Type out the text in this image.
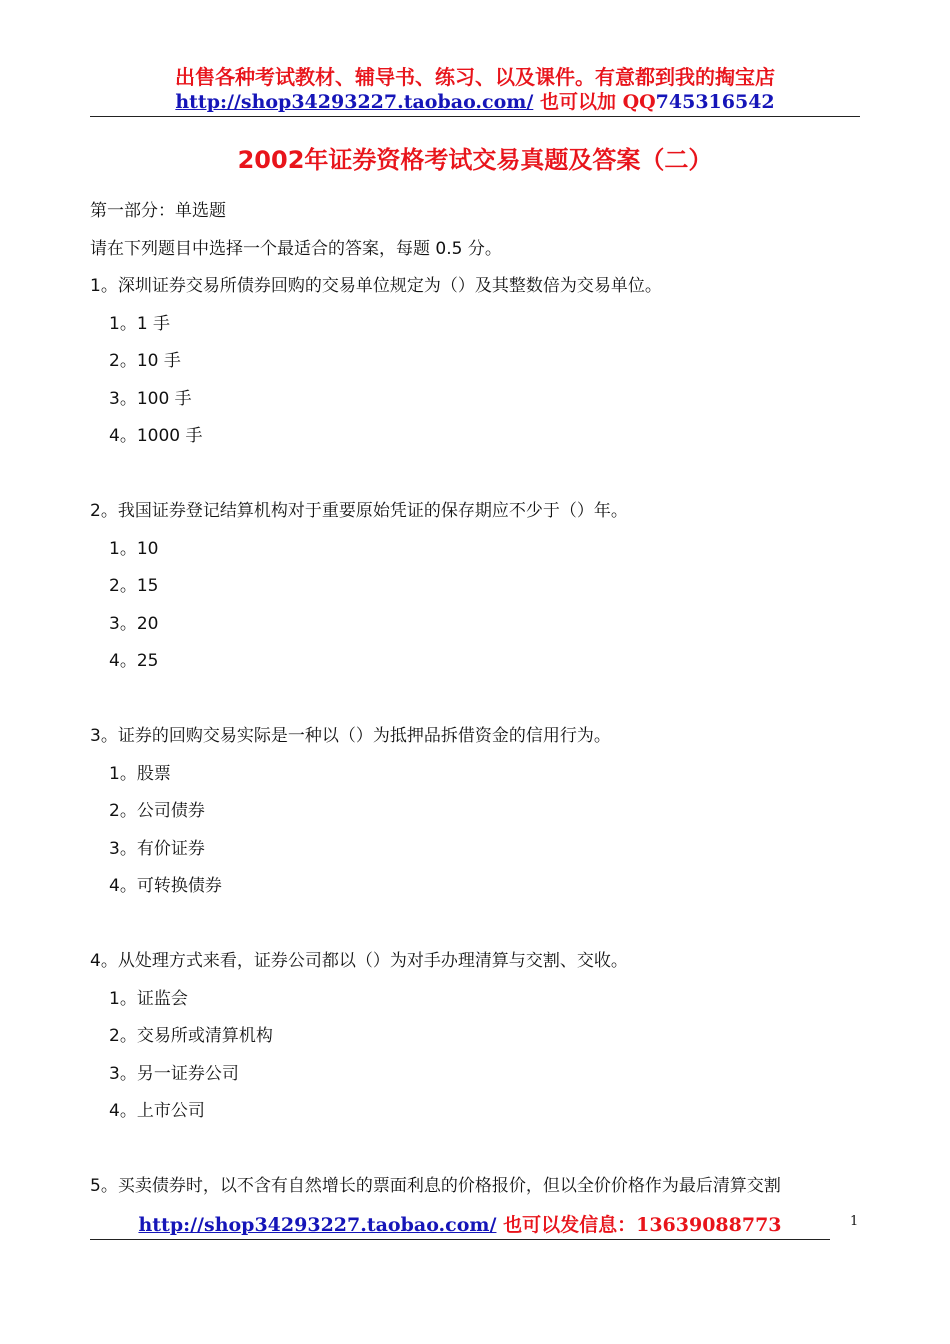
出售各种考试教材、辅导书、练习、以及课件。有意都到我的掏宝店
http://shop34293227.taobao.com/ 也可以加 QQ745316542
2002年证券资格考试交易真题及答案（二）
第一部分：单选题
请在下列题目中选择一个最适合的答案，每题 0.5 分。
1。深圳证券交易所债券回购的交易单位规定为（）及其整数倍为交易单位。
1。1 手
2。10 手
3。100 手
4。1000 手
2。我国证券登记结算机构对于重要原始凭证的保存期应不少于（）年。
1。10
2。15
3。20
4。25
3。证券的回购交易实际是一种以（）为抵押品拆借资金的信用行为。
1。股票
2。公司债券
3。有价证券
4。可转换债券
4。从处理方式来看，证券公司都以（）为对手办理清算与交割、交收。
1。证监会
2。交易所或清算机构
3。另一证券公司
4。上市公司
5。买卖债券时，以不含有自然增长的票面利息的价格报价，但以全价价格作为最后清算交割
http://shop34293227.taobao.com/ 也可以发信息：13639088773	1
